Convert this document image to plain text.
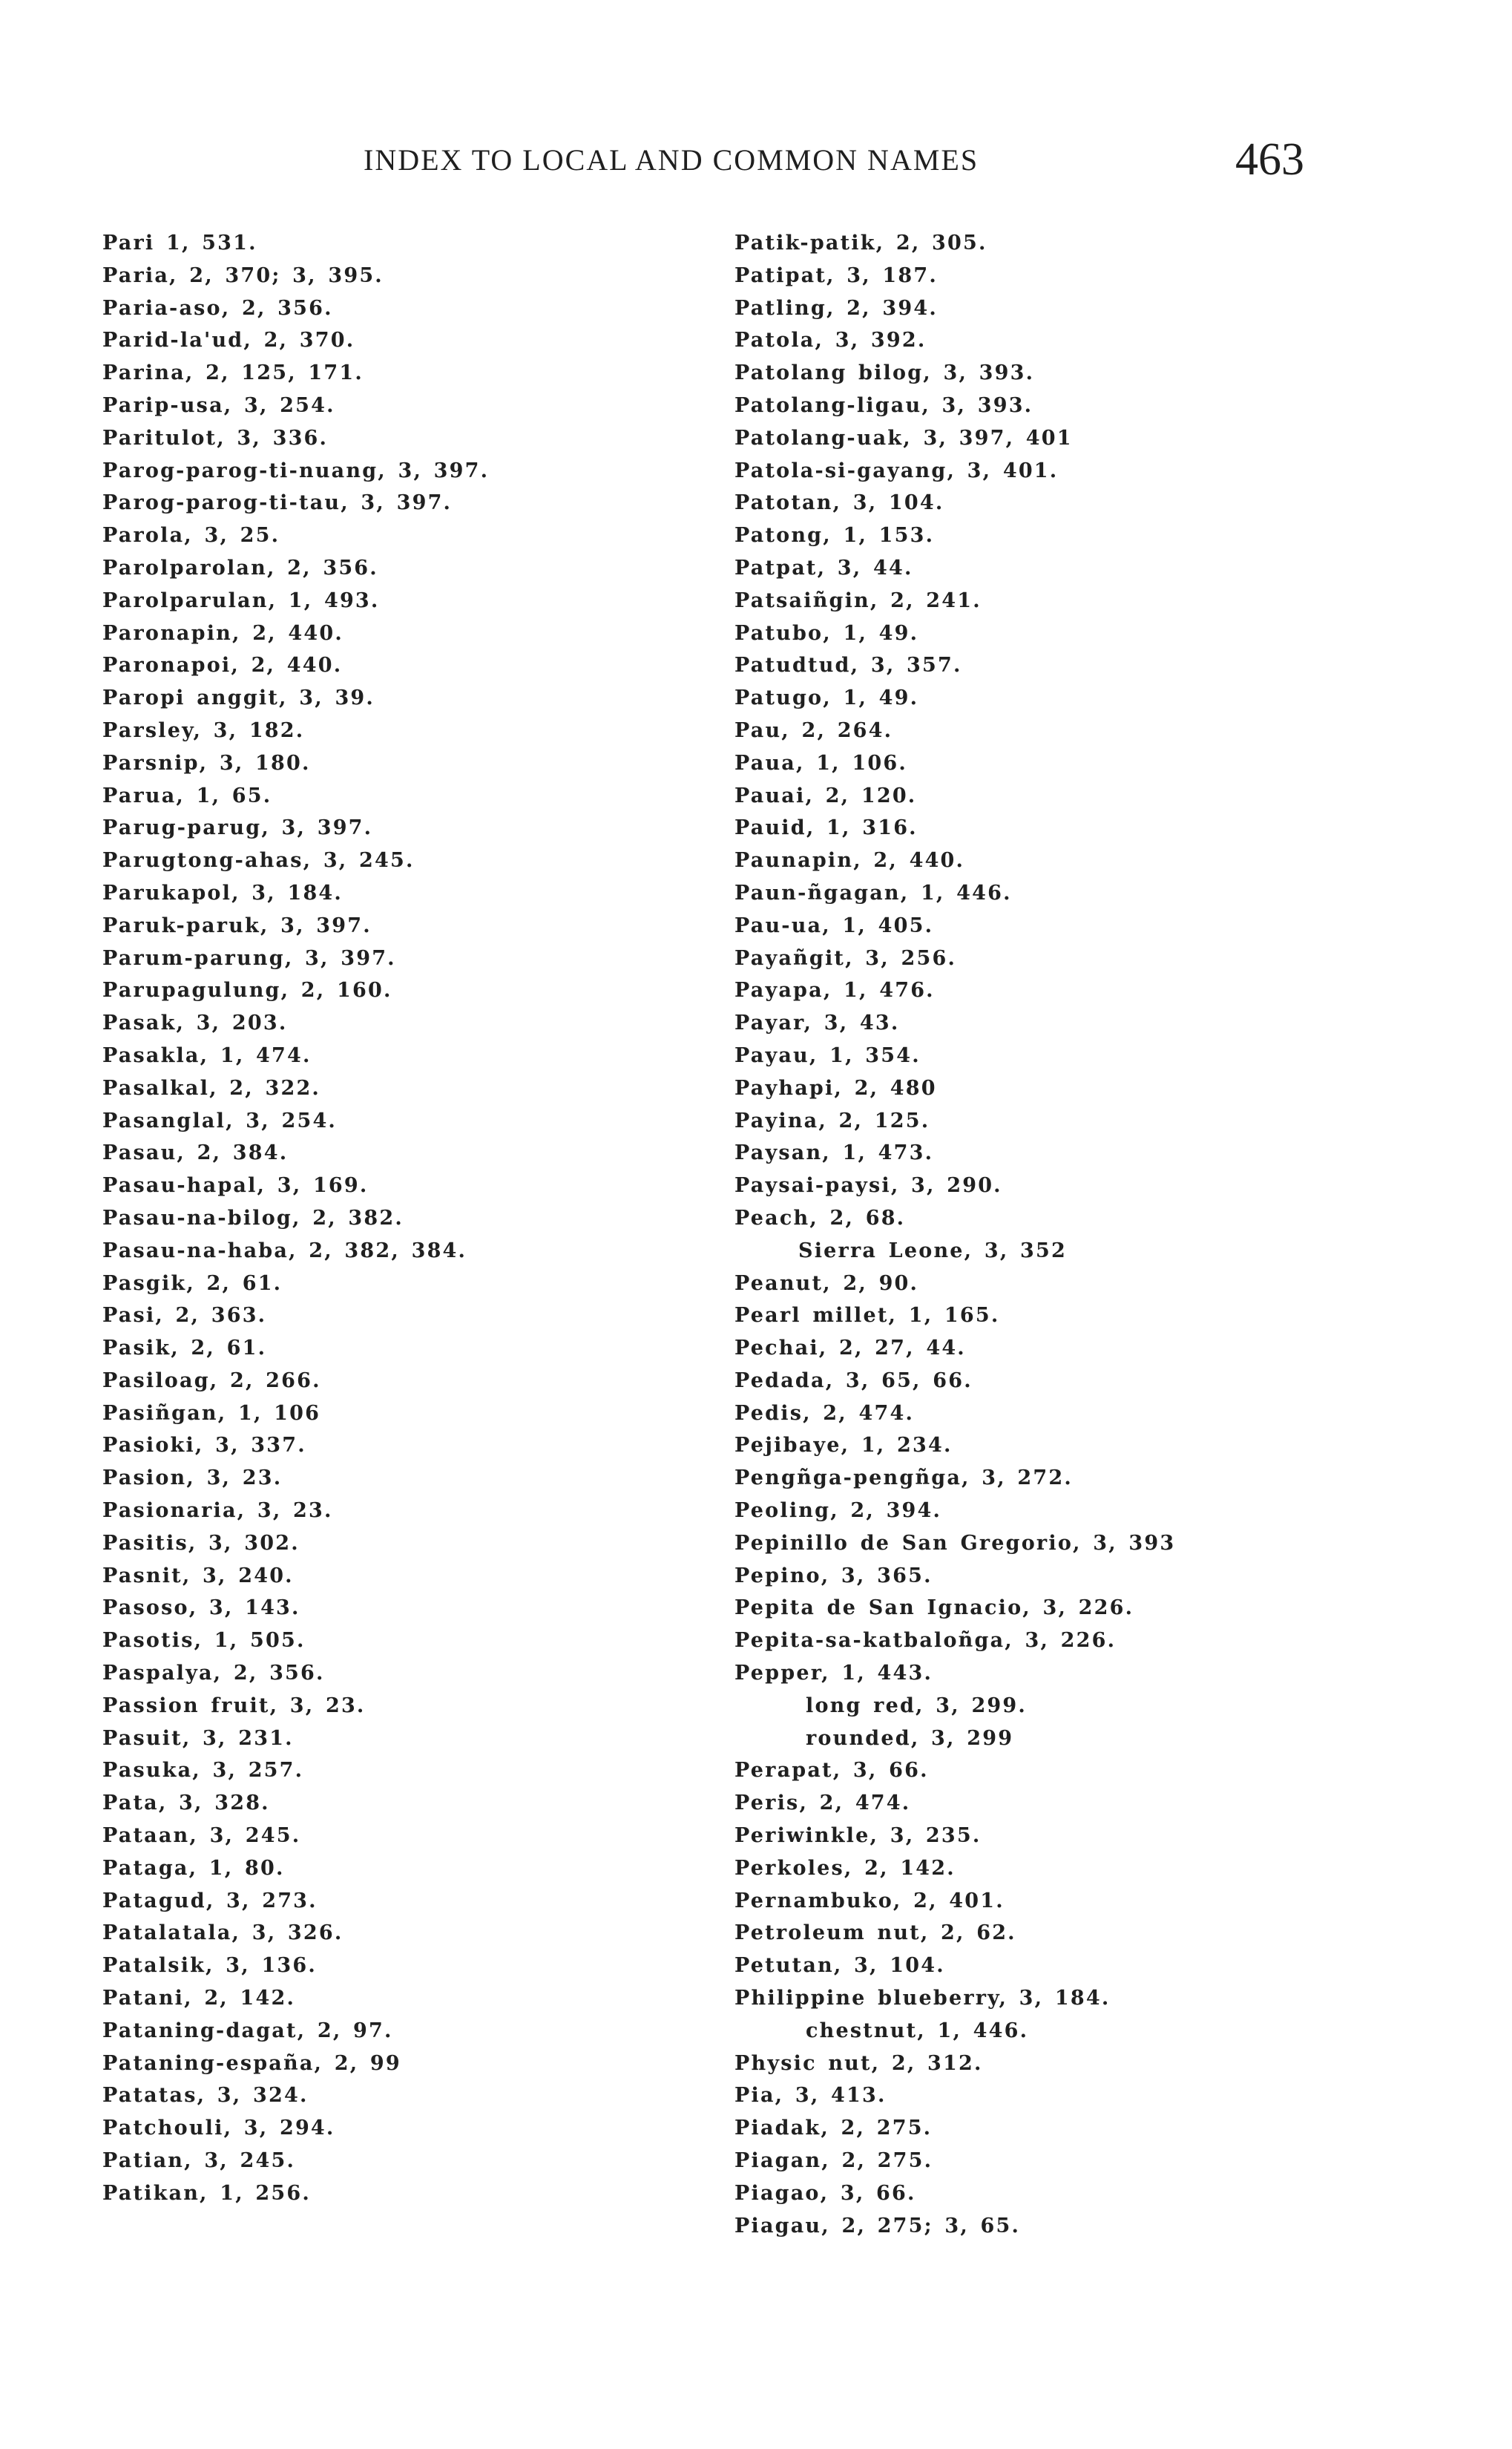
INDEX TO LOCAL AND COMMON NAMES	463
Pari 1, 531.
Paria, 2, 370; 3, 395.
Paria-aso, 2, 356.
Parid-la'ud, 2, 370.
Parina, 2, 125, 171.
Parip-usa, 3, 254.
Paritulot, 3, 336.
Parog-parog-ti-nuang, 3, 397.
Parog-parog-ti-tau, 3, 397.
Parola, 3, 25.
Parolparolan, 2, 356.
Parolparulan, 1, 493.
Paronapin, 2, 440.
Paronapoi, 2, 440.
Paropi anggit, 3, 39.
Parsley, 3, 182.
Parsnip, 3, 180.
Parua, 1, 65.
Parug-parug, 3, 397.
Parugtong-ahas, 3, 245.
Parukapol, 3, 184.
Paruk-paruk, 3, 397.
Parum-parung, 3, 397.
Parupagulung, 2, 160.
Pasak, 3, 203.
Pasakla, 1, 474.
Pasalkal, 2, 322.
Pasanglal, 3, 254.
Pasau, 2, 384.
Pasau-hapal, 3, 169.
Pasau-na-bilog, 2, 382.
Pasau-na-haba, 2, 382, 384.
Pasgik, 2, 61.
Pasi, 2, 363.
Pasik, 2, 61.
Pasiloag, 2, 266.
Pasiñgan, 1, 106
Pasioki, 3, 337.
Pasion, 3, 23.
Pasionaria, 3, 23.
Pasitis, 3, 302.
Pasnit, 3, 240.
Pasoso, 3, 143.
Pasotis, 1, 505.
Paspalya, 2, 356.
Passion fruit, 3, 23.
Pasuit, 3, 231.
Pasuka, 3, 257.
Pata, 3, 328.
Pataan, 3, 245.
Pataga, 1, 80.
Patagud, 3, 273.
Patalatala, 3, 326.
Patalsik, 3, 136.
Patani, 2, 142.
Pataning-dagat, 2, 97.
Pataning-españa, 2, 99
Patatas, 3, 324.
Patchouli, 3, 294.
Patian, 3, 245.
Patikan, 1, 256.
Patik-patik, 2, 305.
Patipat, 3, 187.
Patling, 2, 394.
Patola, 3, 392.
Patolang bilog, 3, 393.
Patolang-ligau, 3, 393.
Patolang-uak, 3, 397, 401
Patola-si-gayang, 3, 401.
Patotan, 3, 104.
Patong, 1, 153.
Patpat, 3, 44.
Patsaiñgin, 2, 241.
Patubo, 1, 49.
Patudtud, 3, 357.
Patugo, 1, 49.
Pau, 2, 264.
Paua, 1, 106.
Pauai, 2, 120.
Pauid, 1, 316.
Paunapin, 2, 440.
Paun-ñgagan, 1, 446.
Pau-ua, 1, 405.
Payañgit, 3, 256.
Payapa, 1, 476.
Payar, 3, 43.
Payau, 1, 354.
Payhapi, 2, 480
Payina, 2, 125.
Paysan, 1, 473.
Paysai-paysi, 3, 290.
Peach, 2, 68.
Sierra Leone, 3, 352
Peanut, 2, 90.
Pearl millet, 1, 165.
Pechai, 2, 27, 44.
Pedada, 3, 65, 66.
Pedis, 2, 474.
Pejibaye, 1, 234.
Pengñga-pengñga, 3, 272.
Peoling, 2, 394.
Pepinillo de San Gregorio, 3, 393
Pepino, 3, 365.
Pepita de San Ignacio, 3, 226.
Pepita-sa-katbaloñga, 3, 226.
Pepper, 1, 443.
long red, 3, 299.
rounded, 3, 299
Perapat, 3, 66.
Peris, 2, 474.
Periwinkle, 3, 235.
Perkoles, 2, 142.
Pernambuko, 2, 401.
Petroleum nut, 2, 62.
Petutan, 3, 104.
Philippine blueberry, 3, 184.
chestnut, 1, 446.
Physic nut, 2, 312.
Pia, 3, 413.
Piadak, 2, 275.
Piagan, 2, 275.
Piagao, 3, 66.
Piagau, 2, 275; 3, 65.
